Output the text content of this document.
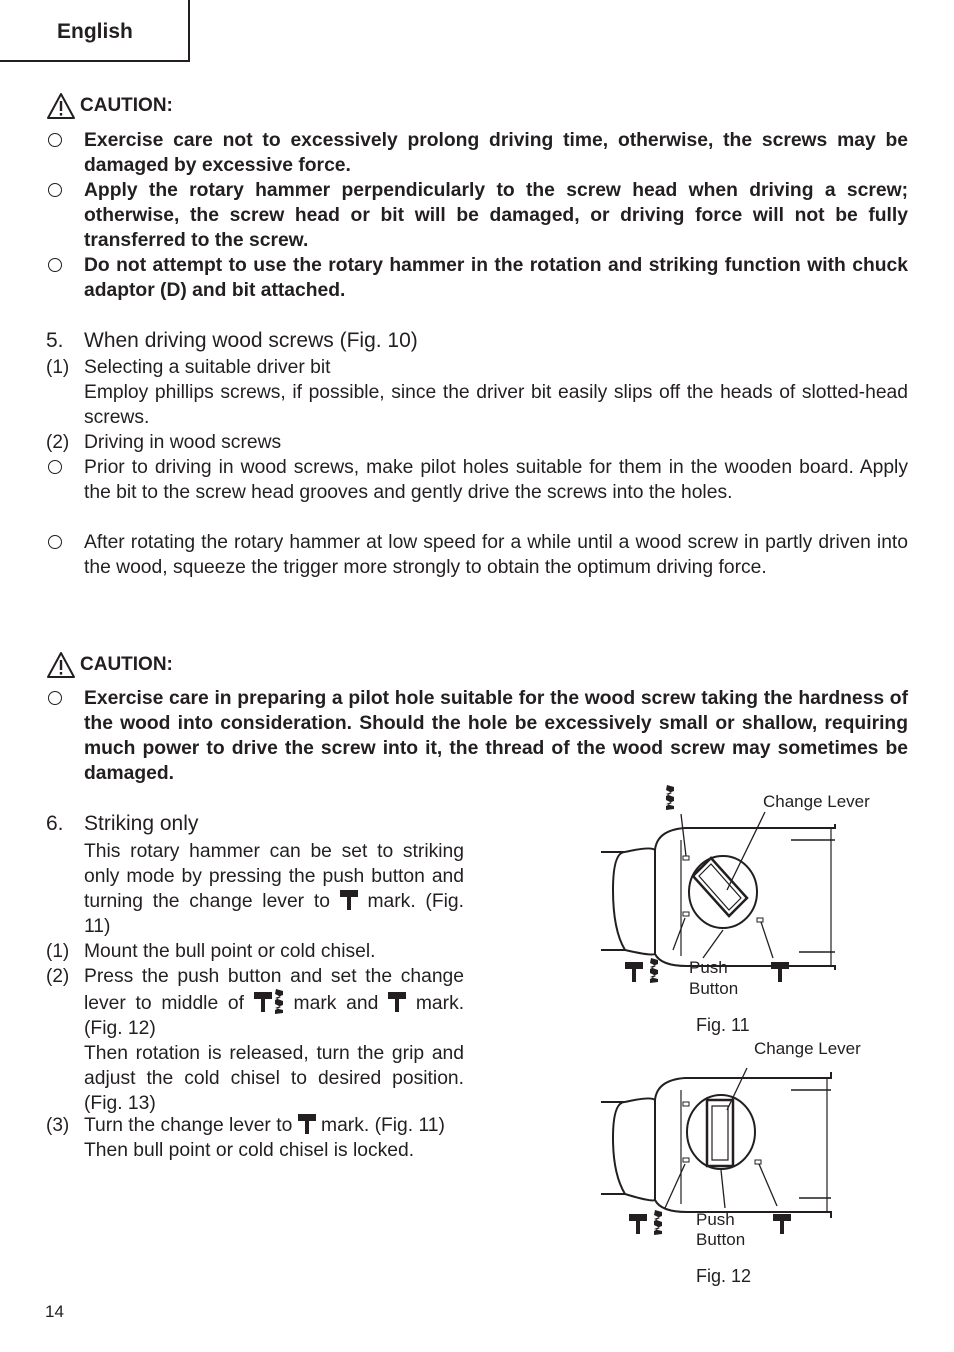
English
CAUTION:
Exercise care not to excessively prolong driving time, otherwise, the screws may be damaged by excessive force.
Apply the rotary hammer perpendicularly to the screw head when driving a screw; otherwise, the screw head or bit will be damaged, or driving force will not be fully transferred to the screw.
Do not attempt to use the rotary hammer in the rotation and striking function with chuck adaptor (D) and bit attached.
5. When driving wood screws (Fig. 10)
(1) Selecting a suitable driver bit
Employ phillips screws, if possible, since the driver bit easily slips off the heads of slotted-head screws.
(2) Driving in wood screws
Prior to driving in wood screws, make pilot holes suitable for them in the wooden board. Apply the bit to the screw head grooves and gently drive the screws into the holes.
After rotating the rotary hammer at low speed for a while until a wood screw in partly driven into the wood, squeeze the trigger more strongly to obtain the optimum driving force.
CAUTION:
Exercise care in preparing a pilot hole suitable for the wood screw taking the hardness of the wood into consideration. Should the hole be excessively small or shallow, requiring much power to drive the screw into it, the thread of the wood screw may sometimes be damaged.
6. Striking only
This rotary hammer can be set to striking only mode by pressing the push button and turning the change lever to mark. (Fig. 11)
(1) Mount the bull point or cold chisel.
(2) Press the push button and set the change lever to middle of	mark and mark. (Fig. 12)
Then rotation is released, turn the grip and adjust the cold chisel to desired position. (Fig. 13)
(3) Turn the change lever to mark. (Fig. 11)
Then bull point or cold chisel is locked.
Change Lever
Push
Button
Fig. 11
Change Lever
Push
Button
Fig. 12
14
